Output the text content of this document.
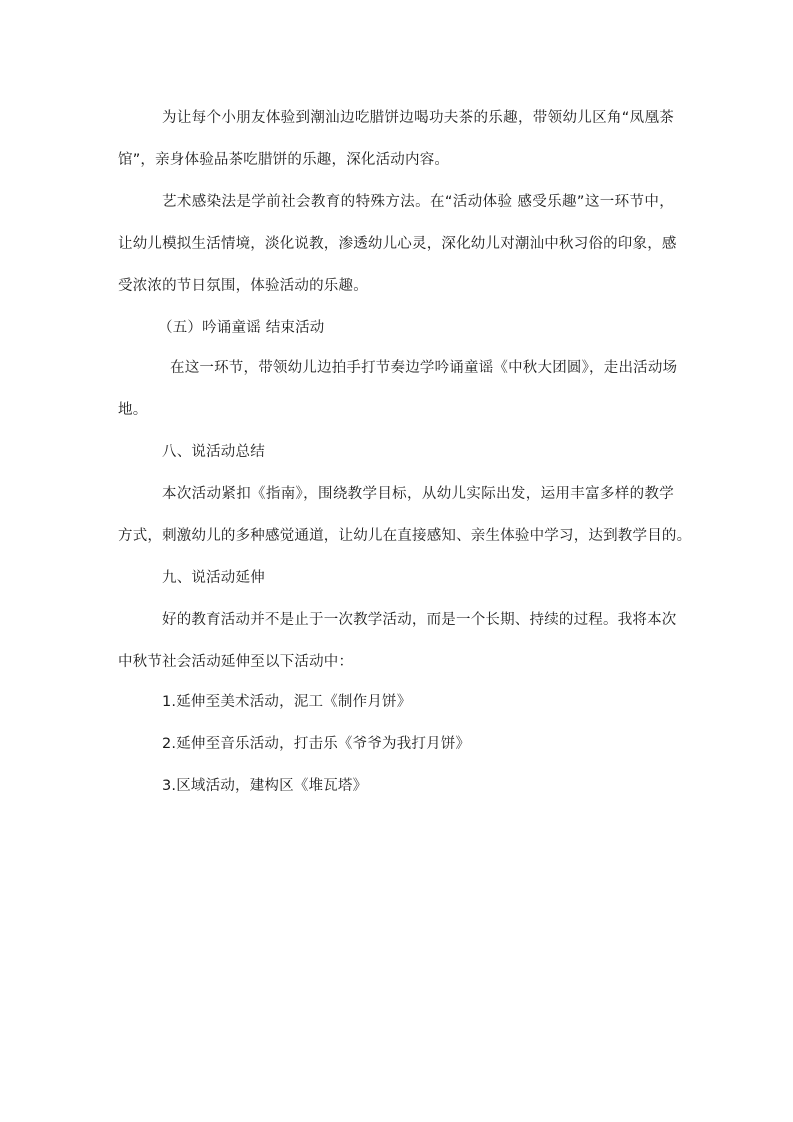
为让每个小朋友体验到潮汕边吃腊饼边喝功夫茶的乐趣，带领幼儿区角“凤凰茶
馆”，亲身体验品茶吃腊饼的乐趣，深化活动内容。
艺术感染法是学前社会教育的特殊方法。在“活动体验 感受乐趣”这一环节中，
让幼儿模拟生活情境，淡化说教，渗透幼儿心灵，深化幼儿对潮汕中秋习俗的印象，感
受浓浓的节日氛围，体验活动的乐趣。
（五）吟诵童谣 结束活动
在这一环节，带领幼儿边拍手打节奏边学吟诵童谣《中秋大团圆》，走出活动场
地。
八、说活动总结
本次活动紧扣《指南》，围绕教学目标，从幼儿实际出发，运用丰富多样的教学
方式，刺激幼儿的多种感觉通道，让幼儿在直接感知、亲生体验中学习，达到教学目的。
九、说活动延伸
好的教育活动并不是止于一次教学活动，而是一个长期、持续的过程。我将本次
中秋节社会活动延伸至以下活动中：
1.延伸至美术活动，泥工《制作月饼》
2.延伸至音乐活动，打击乐《爷爷为我打月饼》
3.区域活动，建构区《堆瓦塔》
